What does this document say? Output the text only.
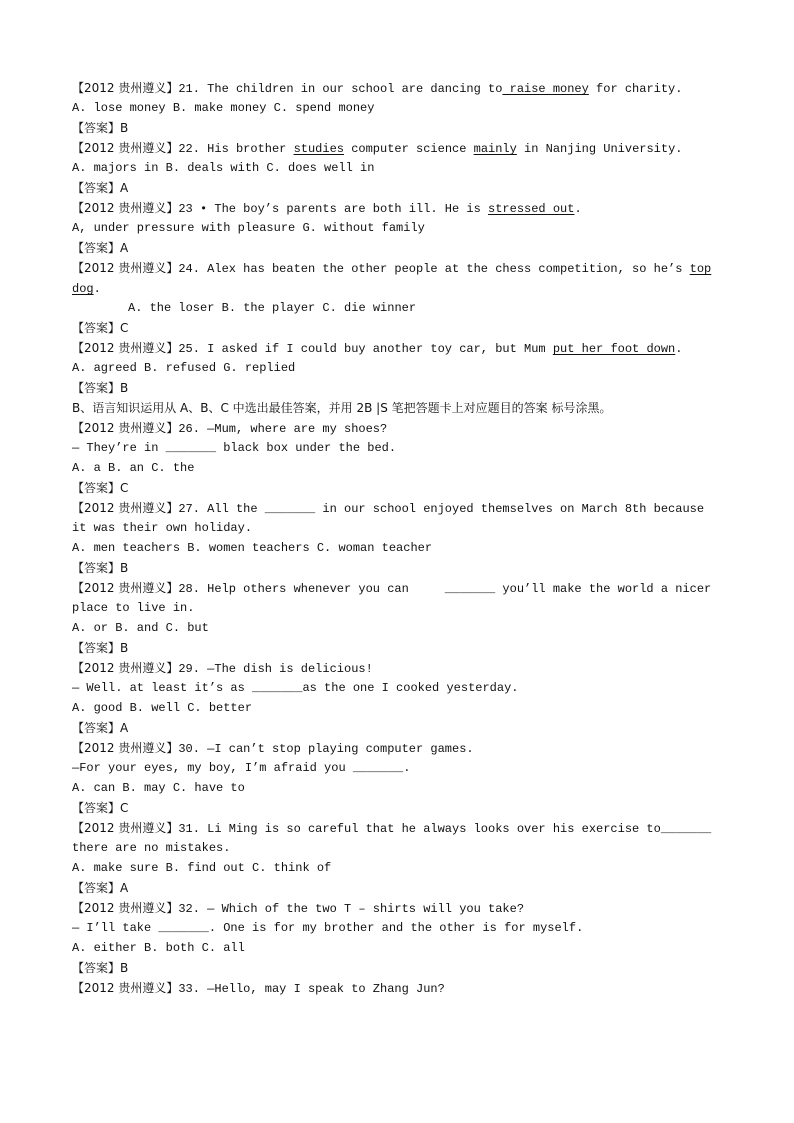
【2012 贵州遵义】21. The children in our school are dancing to raise money for charity.
A. lose money B. make money C. spend money
【答案】B
【2012 贵州遵义】22. His brother studies computer science mainly in Nanjing University.
A. majors in B. deals with C. does well in
【答案】A
【2012 贵州遵义】23 • The boy’s parents are both ill. He is stressed out.
A, under pressure with pleasure G. without family
【答案】A
【2012 贵州遵义】24. Alex has beaten the other people at the chess competition, so he’s top
dog.
A. the loser B. the player C. die winner
【答案】C
【2012 贵州遵义】25. I asked if I could buy another toy car, but Mum put her foot down.
A. agreed B. refused G. replied
【答案】B
B、语言知识运用从 A、B、C 中选出最佳答案，并用 2B |S 笔把答题卡上对应题目的答案 标号涂黑。
【2012 贵州遵义】26. —Mum, where are my shoes?
— They’re in _______ black box under the bed.
A. a B. an C. the
【答案】C
【2012 贵州遵义】27. All the _______ in our school enjoyed themselves on March 8th because
it was their own holiday.
A. men teachers B. women teachers C. woman teacher
【答案】B
【2012 贵州遵义】28. Help others whenever you can     _______ you’ll make the world a nicer
place to live in.
A. or B. and C. but
【答案】B
【2012 贵州遵义】29. —The dish is delicious!
— Well. at least it’s as _______as the one I cooked yesterday.
A. good B. well C. better
【答案】A
【2012 贵州遵义】30. —I can’t stop playing computer games.
—For your eyes, my boy, I’m afraid you _______.
A. can B. may C. have to
【答案】C
【2012 贵州遵义】31. Li Ming is so careful that he always looks over his exercise to_______
there are no mistakes.
A. make sure B. find out C. think of
【答案】A
【2012 贵州遵义】32. — Which of the two T – shirts will you take?
— I’ll take _______. One is for my brother and the other is for myself.
A. either B. both C. all
【答案】B
【2012 贵州遵义】33. —Hello, may I speak to Zhang Jun?
